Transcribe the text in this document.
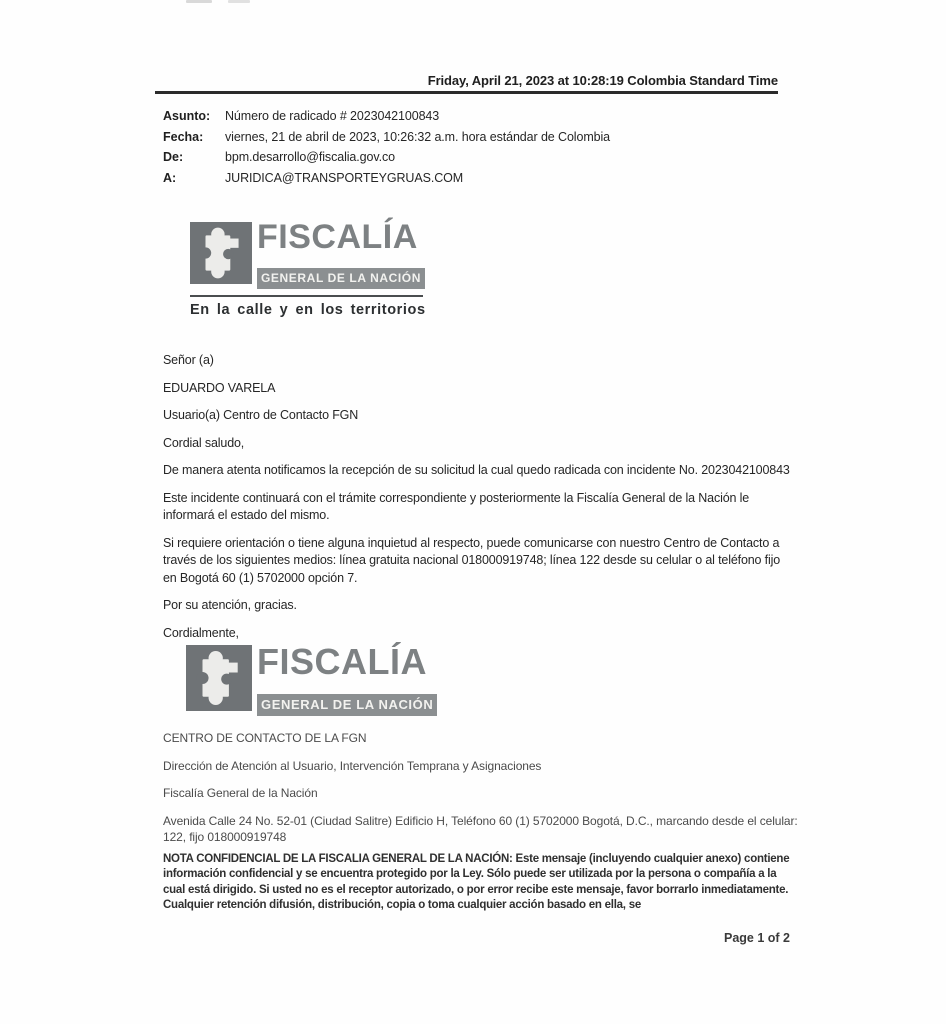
Friday, April 21, 2023 at 10:28:19 Colombia Standard Time
Asunto:	Número de radicado # 2023042100843
Fecha:	viernes, 21 de abril de 2023, 10:26:32 a.m. hora estándar de Colombia
De:	bpm.desarrollo@fiscalia.gov.co
A:	JURIDICA@TRANSPORTEYGRUAS.COM
FISCALÍA
GENERAL DE LA NACIÓN
En la calle y en los territorios

Señor (a)

EDUARDO VARELA

Usuario(a) Centro de Contacto FGN

Cordial saludo,

De manera atenta notificamos la recepción de su solicitud la cual quedo radicada con incidente No. 2023042100843

Este incidente continuará con el trámite correspondiente y posteriormente la Fiscalía General de la Nación le informará el estado del mismo.

Si requiere orientación o tiene alguna inquietud al respecto, puede comunicarse con nuestro Centro de Contacto a través de los siguientes medios: línea gratuita nacional 018000919748; línea 122 desde su celular o al teléfono fijo en Bogotá 60 (1) 5702000 opción 7.

Por su atención, gracias.

Cordialmente,

FISCALÍA
GENERAL DE LA NACIÓN

CENTRO DE CONTACTO DE LA FGN

Dirección de Atención al Usuario, Intervención Temprana y Asignaciones

Fiscalía General de la Nación

Avenida Calle 24 No. 52-01 (Ciudad Salitre) Edificio H, Teléfono 60 (1) 5702000 Bogotá, D.C., marcando desde el celular: 122, fijo 018000919748

NOTA CONFIDENCIAL DE LA FISCALIA GENERAL DE LA NACIÓN: Este mensaje (incluyendo cualquier anexo) contiene información confidencial y se encuentra protegido por la Ley. Sólo puede ser utilizada por la persona o compañía a la cual está dirigido. Si usted no es el receptor autorizado, o por error recibe este mensaje, favor borrarlo inmediatamente. Cualquier retención difusión, distribución, copia o toma cualquier acción basado en ella, se
Page 1 of 2
